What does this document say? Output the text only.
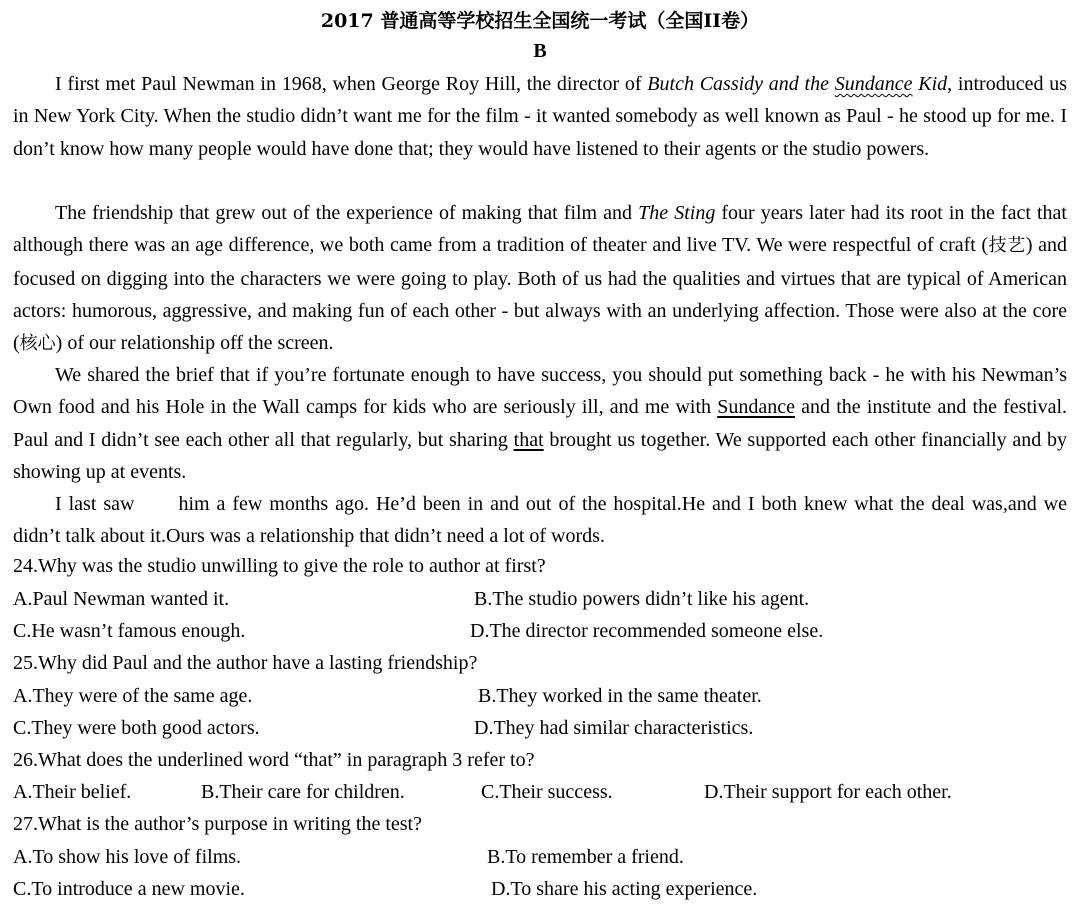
2017 普通高等学校招生全国统一考试（全国II卷）
B
I first met Paul Newman in 1968, when George Roy Hill, the director of Butch Cassidy and the Sundance Kid, introduced us in New York City. When the studio didn’t want me for the film - it wanted somebody as well known as Paul - he stood up for me. I don’t know how many people would have done that; they would have listened to their agents or the studio powers.
The friendship that grew out of the experience of making that film and The Sting four years later had its root in the fact that although there was an age difference, we both came from a tradition of theater and live TV. We were respectful of craft (技艺) and focused on digging into the characters we were going to play. Both of us had the qualities and virtues that are typical of American actors: humorous, aggressive, and making fun of each other - but always with an underlying affection. Those were also at the core (核心) of our relationship off the screen.
We shared the brief that if you’re fortunate enough to have success, you should put something back - he with his Newman’s Own food and his Hole in the Wall camps for kids who are seriously ill, and me with Sundance and the institute and the festival. Paul and I didn’t see each other all that regularly, but sharing that brought us together. We supported each other financially and by showing up at events.
I last saw him a few months ago. He’d been in and out of the hospital.He and I both knew what the deal was,and we didn’t talk about it.Ours was a relationship that didn’t need a lot of words.
24.Why was the studio unwilling to give the role to author at first?
A.Paul Newman wanted it.	B.The studio powers didn’t like his agent.
C.He wasn’t famous enough.	D.The director recommended someone else.
25.Why did Paul and the author have a lasting friendship?
A.They were of the same age.	B.They worked in the same theater.
C.They were both good actors.	D.They had similar characteristics.
26.What does the underlined word “that” in paragraph 3 refer to?
A.Their belief.	B.Their care for children.	C.Their success.	D.Their support for each other.
27.What is the author’s purpose in writing the test?
A.To show his love of films.	B.To remember a friend.
C.To introduce a new movie.	D.To share his acting experience.
